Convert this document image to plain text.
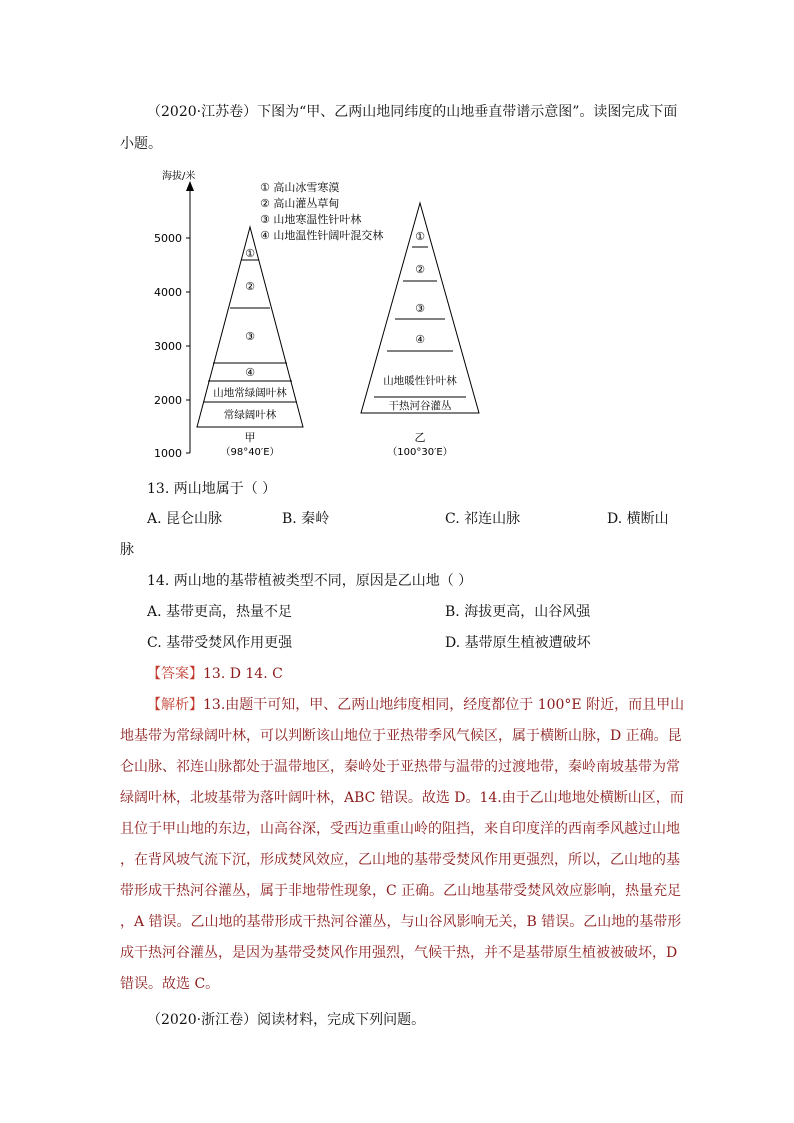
（2020·江苏卷）下图为“甲、乙两山地同纬度的山地垂直带谱示意图”。读图完成下面
小题。
海拔/米
5000
4000
3000
2000
1000
① 高山冰雪寒漠
② 高山灌丛草甸
③ 山地寒温性针叶林
④ 山地温性针阔叶混交林
①
②
③
④
山地常绿阔叶林
常绿阔叶林
甲
（98°40′E）
①
②
③
④
山地暖性针叶林
干热河谷灌丛
乙
（100°30′E）
13. 两山地属于（ ）
A. 昆仑山脉	B. 秦岭	C. 祁连山脉	D. 横断山
脉
14. 两山地的基带植被类型不同，原因是乙山地（ ）
A. 基带更高，热量不足	B. 海拔更高，山谷风强
C. 基带受焚风作用更强	D. 基带原生植被遭破坏
【答案】13. D 14. C
【解析】13.由题干可知，甲、乙两山地纬度相同，经度都位于 100°E 附近，而且甲山
地基带为常绿阔叶林，可以判断该山地位于亚热带季风气候区，属于横断山脉，D 正确。昆
仑山脉、祁连山脉都处于温带地区，秦岭处于亚热带与温带的过渡地带，秦岭南坡基带为常
绿阔叶林，北坡基带为落叶阔叶林，ABC 错误。故选 D。14.由于乙山地地处横断山区，而
且位于甲山地的东边，山高谷深，受西边重重山岭的阻挡，来自印度洋的西南季风越过山地
，在背风坡气流下沉，形成焚风效应，乙山地的基带受焚风作用更强烈，所以，乙山地的基
带形成干热河谷灌丛，属于非地带性现象，C 正确。乙山地基带受焚风效应影响，热量充足
，A 错误。乙山地的基带形成干热河谷灌丛，与山谷风影响无关，B 错误。乙山地的基带形
成干热河谷灌丛，是因为基带受焚风作用强烈，气候干热，并不是基带原生植被被破坏，D
错误。故选 C。
（2020·浙江卷）阅读材料，完成下列问题。
